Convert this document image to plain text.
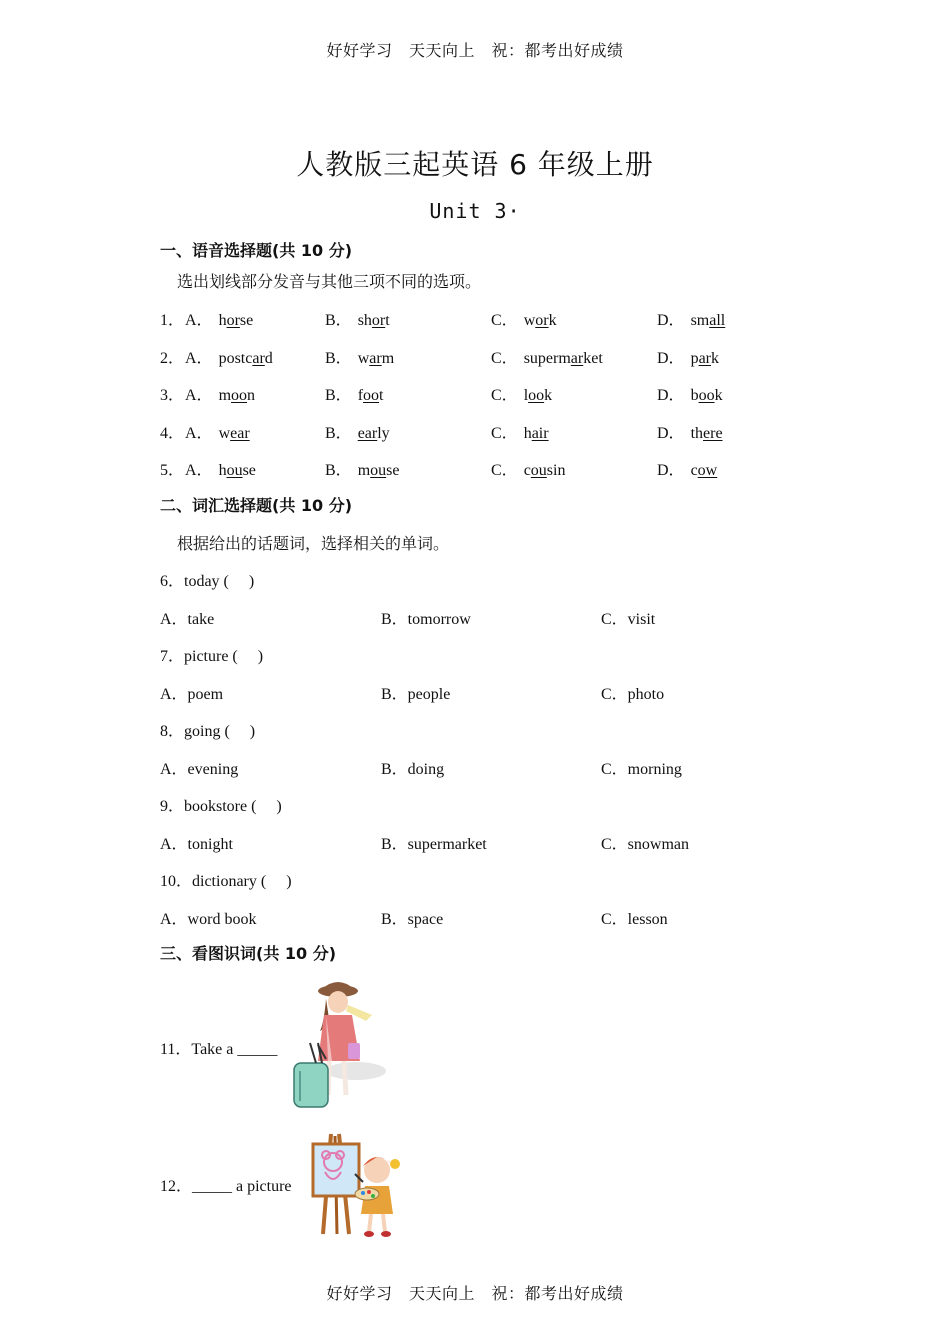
好好学习　天天向上　祝：都考出好成绩
人教版三起英语 6 年级上册
Unit 3·
一、语音选择题(共 10 分)
选出划线部分发音与其他三项不同的选项。
1． A． horse	B． short	C． work	D． small
2． A． postcard	B． warm	C． supermarket	D． park
3． A． moon	B． foot	C． look	D． book
4． A． wear	B． early	C． hair	D． there
5． A． house	B． mouse	C． cousin	D． cow
二、词汇选择题(共 10 分)
根据给出的话题词，选择相关的单词。
6．today (　 )
A．take	B．tomorrow	C．visit
7．picture (　 )
A．poem	B．people	C．photo
8．going (　 )
A．evening	B．doing	C．morning
9．bookstore (　 )
A．tonight	B．supermarket	C．snowman
10．dictionary (　 )
A．word book	B．space	C．lesson
三、看图识词(共 10 分)
11．Take a _____
12．_____ a picture
好好学习　天天向上　祝：都考出好成绩
